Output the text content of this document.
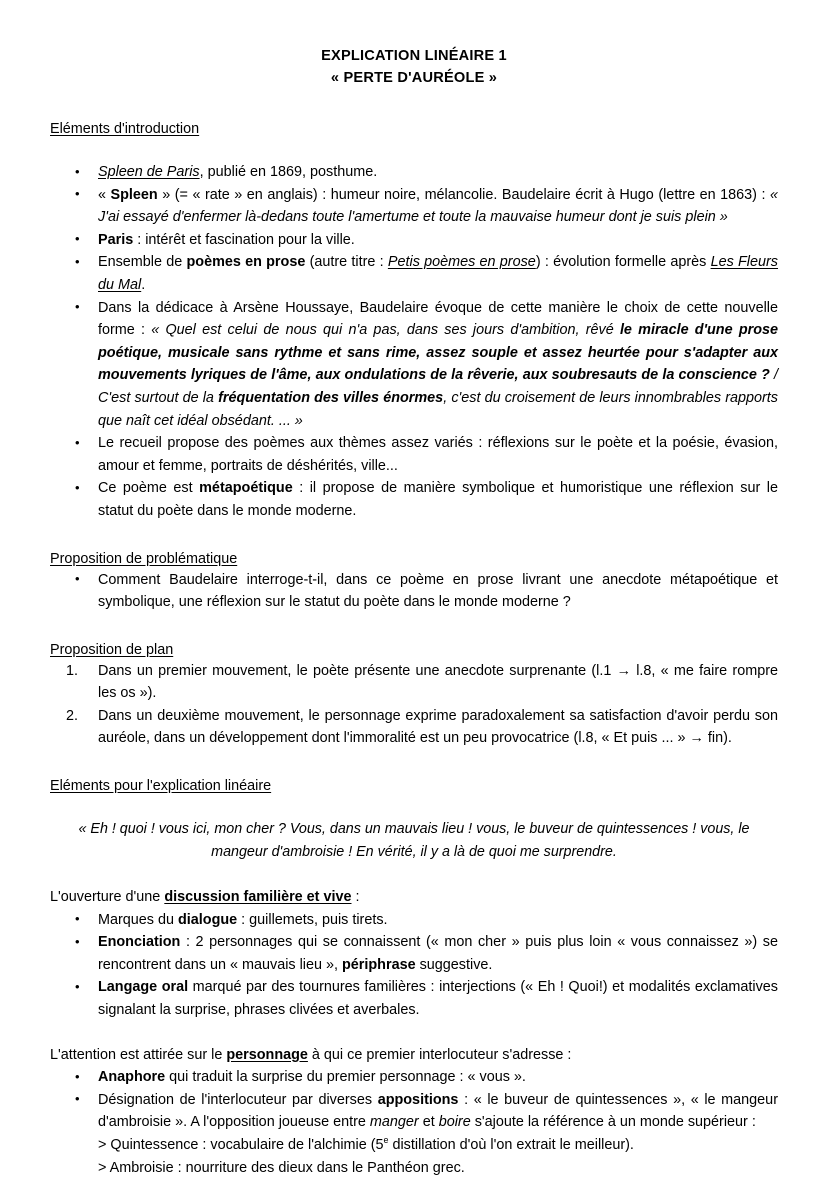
EXPLICATION LINÉAIRE 1
« PERTE D'AURÉOLE »
Eléments d'introduction
• Spleen de Paris, publié en 1869, posthume.
• « Spleen » (= « rate » en anglais) : humeur noire, mélancolie. Baudelaire écrit à Hugo (lettre en 1863) : « J'ai essayé d'enfermer là-dedans toute l'amertume et toute la mauvaise humeur dont je suis plein »
• Paris : intérêt et fascination pour la ville.
• Ensemble de poèmes en prose (autre titre : Petis poèmes en prose) : évolution formelle après Les Fleurs du Mal.
• Dans la dédicace à Arsène Houssaye, Baudelaire évoque de cette manière le choix de cette nouvelle forme : « Quel est celui de nous qui n'a pas, dans ses jours d'ambition, rêvé le miracle d'une prose poétique, musicale sans rythme et sans rime, assez souple et assez heurtée pour s'adapter aux mouvements lyriques de l'âme, aux ondulations de la rêverie, aux soubresauts de la conscience ? / C'est surtout de la fréquentation des villes énormes, c'est du croisement de leurs innombrables rapports que naît cet idéal obsédant. ... »
• Le recueil propose des poèmes aux thèmes assez variés : réflexions sur le poète et la poésie, évasion, amour et femme, portraits de déshérités, ville...
• Ce poème est métapoétique : il propose de manière symbolique et humoristique une réflexion sur le statut du poète dans le monde moderne.
Proposition de problématique
• Comment Baudelaire interroge-t-il, dans ce poème en prose livrant une anecdote métapoétique et symbolique, une réflexion sur le statut du poète dans le monde moderne ?
Proposition de plan
Dans un premier mouvement, le poète présente une anecdote surprenante (l.1 → l.8, « me faire rompre les os »).
Dans un deuxième mouvement, le personnage exprime paradoxalement sa satisfaction d'avoir perdu son auréole, dans un développement dont l'immoralité est un peu provocatrice (l.8, « Et puis ... » → fin).
Eléments pour l'explication linéaire
« Eh ! quoi ! vous ici, mon cher ? Vous, dans un mauvais lieu ! vous, le buveur de quintessences ! vous, le mangeur d'ambroisie ! En vérité, il y a là de quoi me surprendre.
L'ouverture d'une discussion familière et vive :
• Marques du dialogue : guillemets, puis tirets.
• Enonciation : 2 personnages qui se connaissent (« mon cher » puis plus loin « vous connaissez ») se rencontrent dans un « mauvais lieu », périphrase suggestive.
• Langage oral marqué par des tournures familières : interjections (« Eh ! Quoi!) et modalités exclamatives signalant la surprise, phrases clivées et averbales.
L'attention est attirée sur le personnage à qui ce premier interlocuteur s'adresse :
• Anaphore qui traduit la surprise du premier personnage : « vous ».
• Désignation de l'interlocuteur par diverses appositions : « le buveur de quintessences », « le mangeur d'ambroisie ». A l'opposition joueuse entre manger et boire s'ajoute la référence à un monde supérieur :
> Quintessence : vocabulaire de l'alchimie (5e distillation d'où l'on extrait le meilleur).
> Ambroisie : nourriture des dieux dans le Panthéon grec.
